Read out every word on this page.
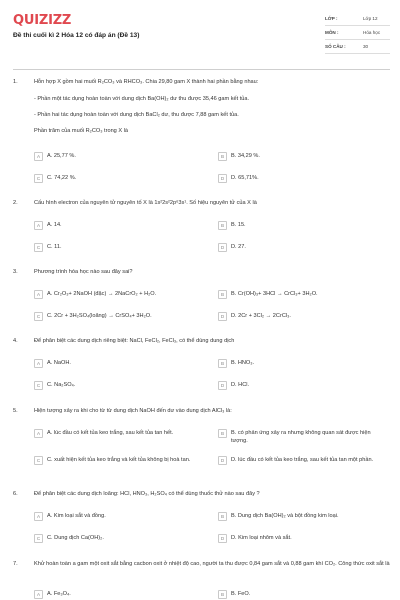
QUIZIZZ
Đề thi cuối kì 2 Hóa 12 có đáp án (Đề 13)
LỚP :	Lớp 12
MÔN :	Hóa học
SỐ CÂU :	30
1.	Hỗn hợp X gồm hai muối R₂CO₃ và RHCO₃. Chia 29,80 gam X thành hai phần bằng nhau:
- Phần một tác dụng hoàn toàn với dung dịch Ba(OH)₂ dư thu được 35,46 gam kết tủa.
- Phần hai tác dụng hoàn toàn với dung dịch BaCl₂ dư, thu được 7,88 gam kết tủa.
Phần trăm của muối R₂CO₃ trong X là
A	A. 25,77 %.	B	B. 34,29 %.
C	C. 74,22 %.	D	D. 65,71%.
2.	Cấu hình electron của nguyên tử nguyên tố X là 1s²2s²2p⁶3s¹. Số hiệu nguyên tử của X là
A	A. 14.	B	B. 15.
C	C. 11.	D	D. 27.
3.	Phương trình hóa học nào sau đây sai?
A	A. Cr₂O₃+ 2NaOH (đặc) → 2NaCrO₂ + H₂O.	B	B. Cr(OH)₃+ 3HCl → CrCl₃+ 3H₂O.
C	C. 2Cr + 3H₂SO₄(loãng) → CrSO₄+ 3H₂O.	D	D. 2Cr + 3Cl₂ → 2CrCl₃.
4.	Để phân biệt các dung dịch riêng biệt: NaCl, FeCl₂, FeCl₃, có thể dùng dung dịch
A	A. NaOH.	B	B. HNO₃.
C	C. Na₂SO₄.	D	D. HCl.
5.	Hiện tượng xảy ra khi cho từ từ dung dịch NaOH đến dư vào dung dịch AlCl₃ là:
A	A. lúc đầu có kết tủa keo trắng, sau kết tủa tan hết.	B	B. có phản ứng xảy ra nhưng không quan sát được hiện tượng.
C	C. xuất hiện kết tủa keo trắng và kết tủa không bị hoà tan.	D	D. lúc đầu có kết tủa keo trắng, sau kết tủa tan một phần.
6.	Để phân biệt các dung dịch loãng: HCl, HNO₃, H₂SO₄ có thể dùng thuốc thử nào sau đây ?
A	A. Kim loại sắt và đồng.	B	B. Dung dịch Ba(OH)₂ và bột đồng kim loại.
C	C. Dung dịch Ca(OH)₂.	D	D. Kim loại nhôm và sắt.
7.	Khử hoàn toàn a gam một oxit sắt bằng cacbon oxit ở nhiệt độ cao, người ta thu được 0,84 gam sắt và 0,88 gam khí CO₂. Công thức oxit sắt là
A	A. Fe₃O₄.	B	B. FeO.
